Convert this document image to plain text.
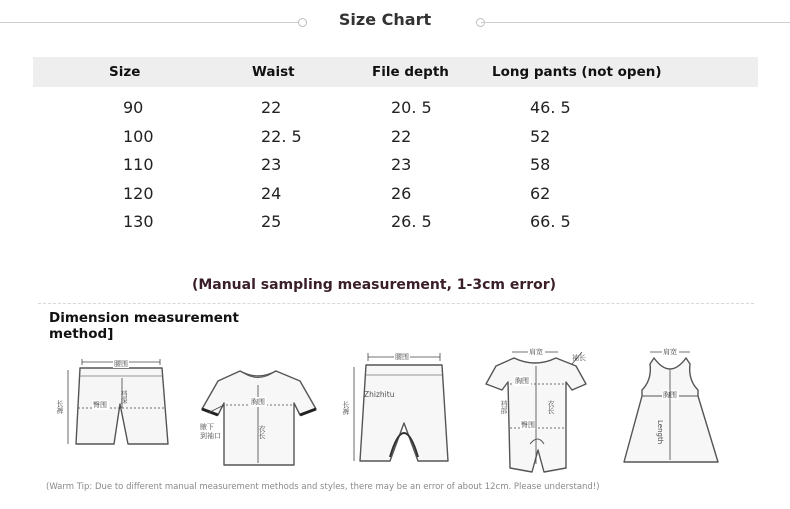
Size Chart
Size	Waist	File depth	Long pants (not open)
90	22	20. 5	46. 5
100	22. 5	22	52
110	23	23	58
120	24	26	62
130	25	26. 5	66. 5
(Manual sampling measurement, 1-3cm error)
Dimension measurement
method]
腰围
臀围
裆深
长裤	胸围
衣长
腋下到袖口
腰围
长裤
Zhizhitu
肩宽
袖长
胸围
臀围
衣长
裆部
肩宽
胸围
Length
(Warm Tip: Due to different manual measurement methods and styles, there may be an error of about 12cm. Please understand!)
